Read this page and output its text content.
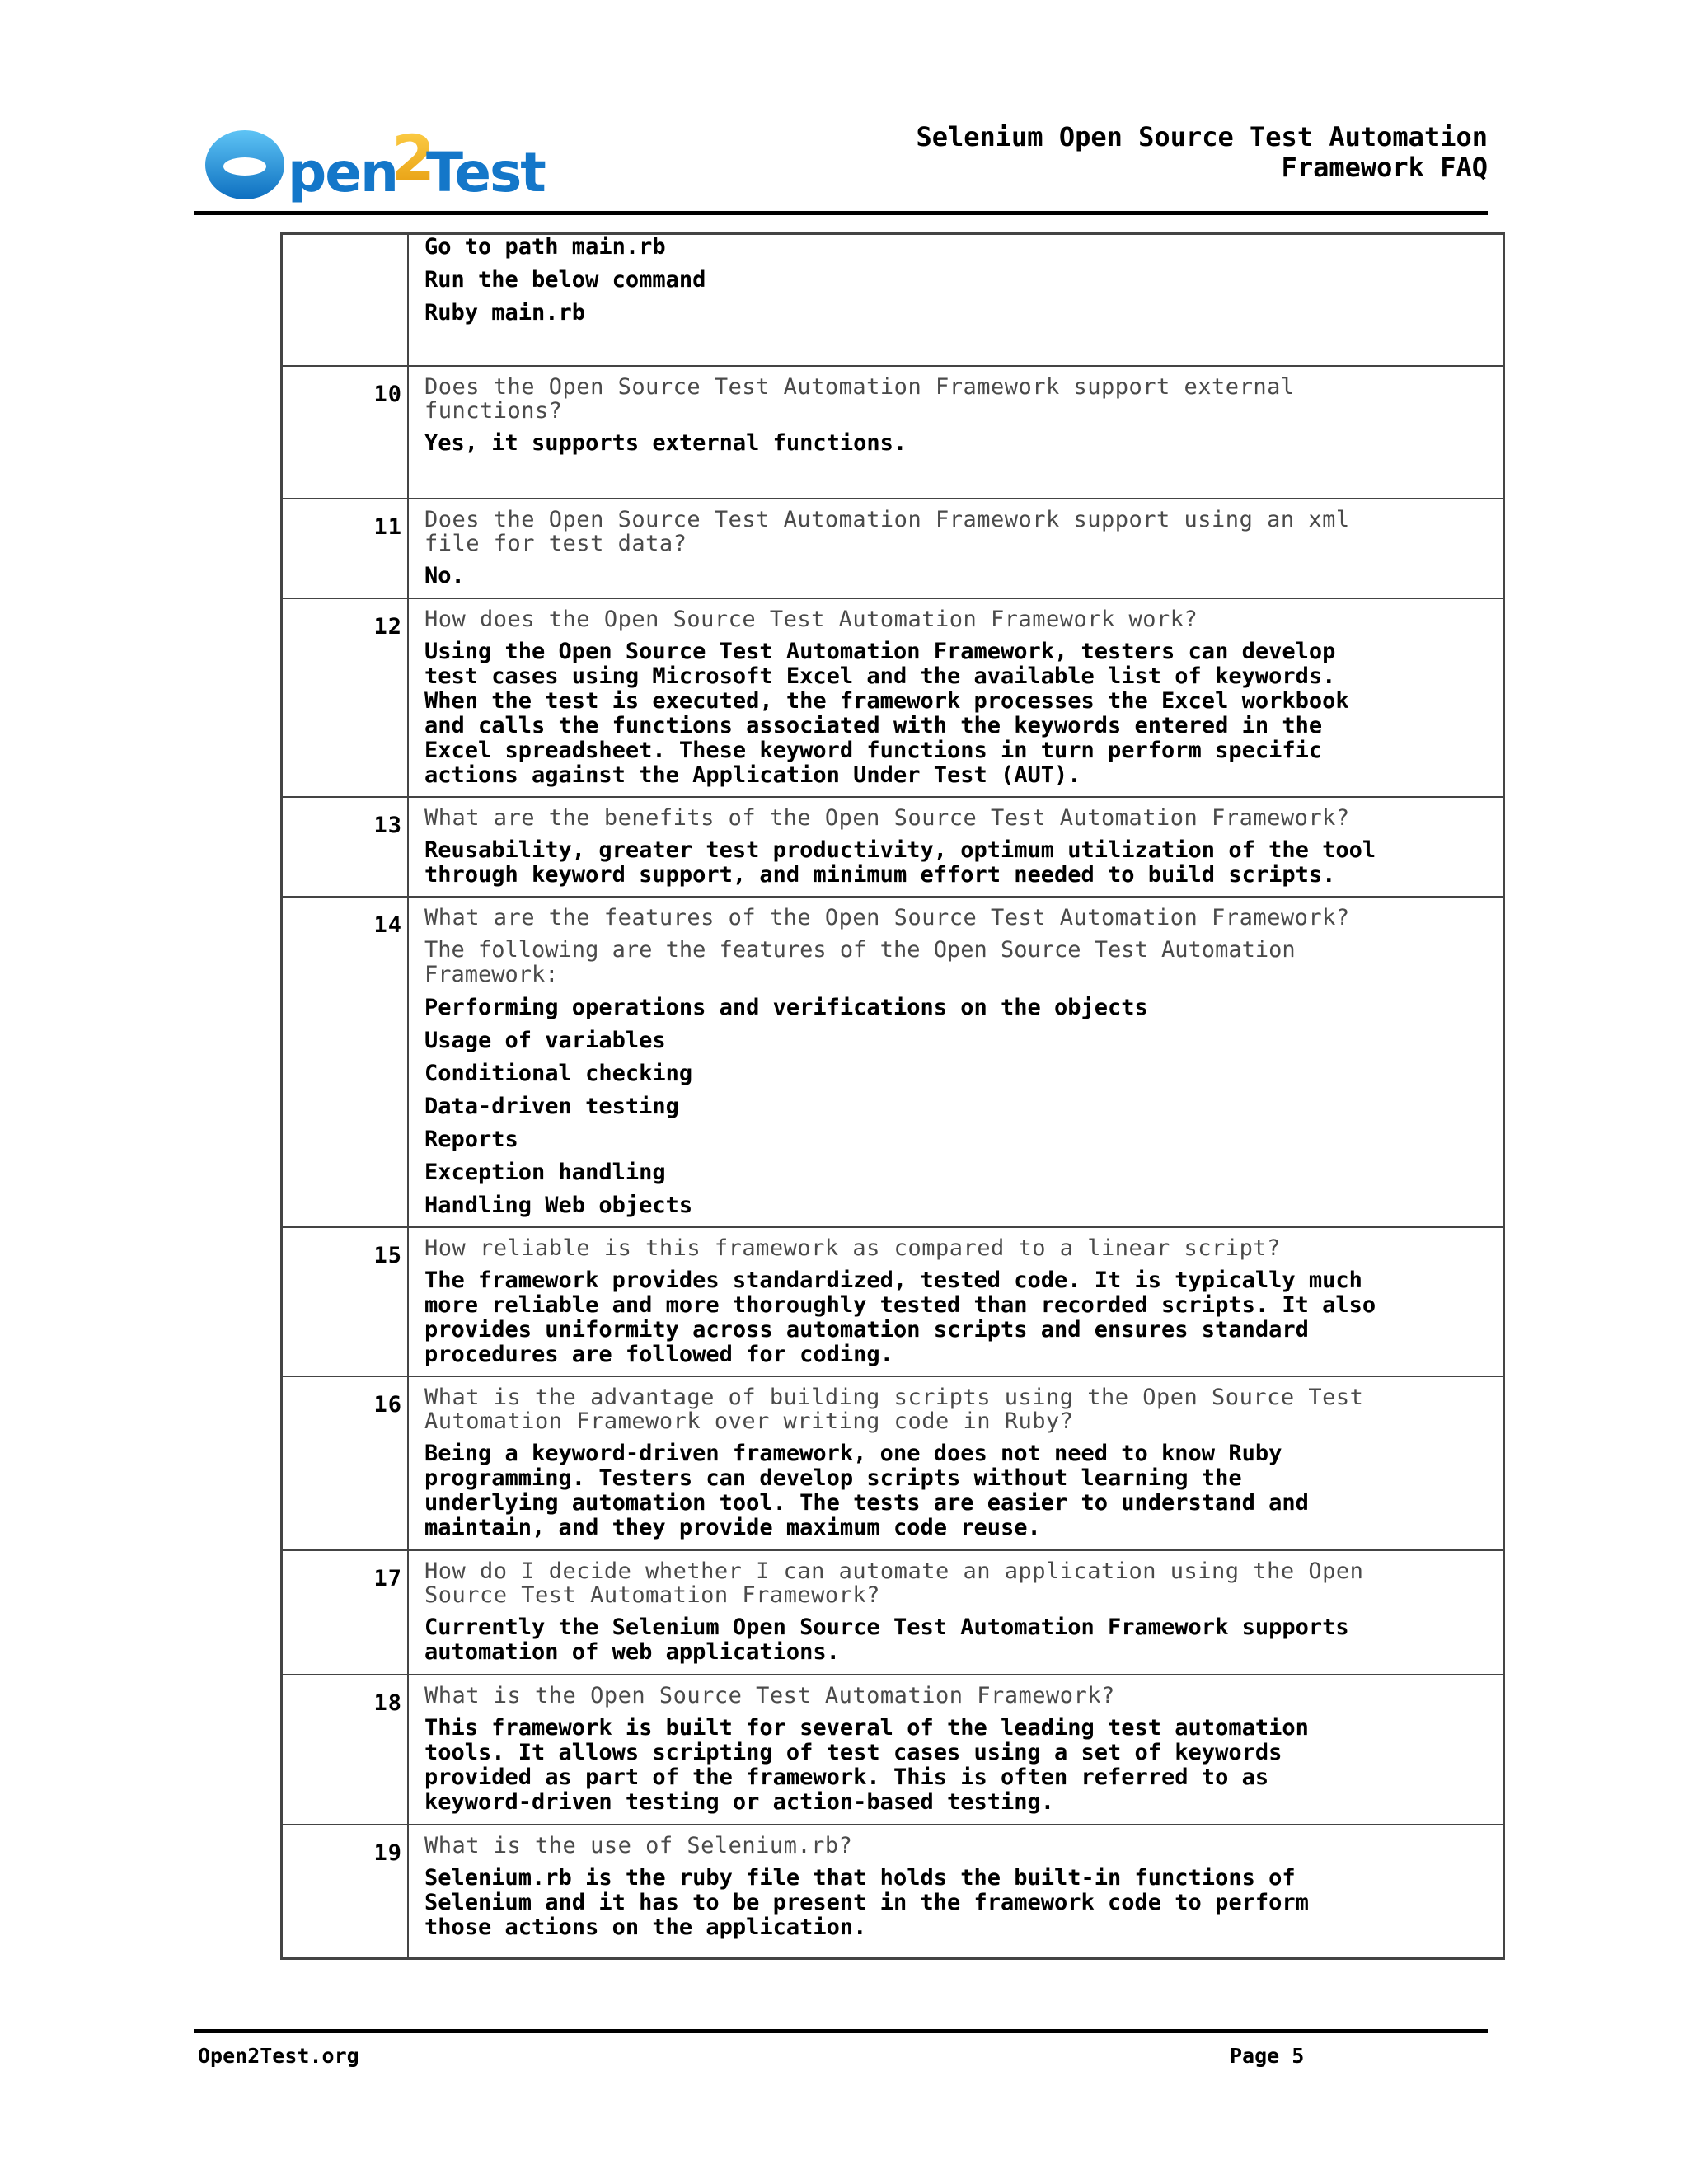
pen
2
Test
Selenium Open Source Test Automation
Framework FAQ

Go to path main.rb

Run the below command

Ruby main.rb

10 Does the Open Source Test Automation Framework support external
functions?

Yes, it supports external functions.

11 Does the Open Source Test Automation Framework support using an xml
file for test data?

No.

12 How does the Open Source Test Automation Framework work?

Using the Open Source Test Automation Framework, testers can develop
test cases using Microsoft Excel and the available list of keywords.
When the test is executed, the framework processes the Excel workbook
and calls the functions associated with the keywords entered in the
Excel spreadsheet. These keyword functions in turn perform specific
actions against the Application Under Test (AUT).

13 What are the benefits of the Open Source Test Automation Framework?

Reusability, greater test productivity, optimum utilization of the tool
through keyword support, and minimum effort needed to build scripts.

14 What are the features of the Open Source Test Automation Framework?

The following are the features of the Open Source Test Automation
Framework:

Performing operations and verifications on the objects

Usage of variables

Conditional checking

Data-driven testing

Reports

Exception handling

Handling Web objects

15 How reliable is this framework as compared to a linear script?

The framework provides standardized, tested code. It is typically much
more reliable and more thoroughly tested than recorded scripts. It also
provides uniformity across automation scripts and ensures standard
procedures are followed for coding.

16 What is the advantage of building scripts using the Open Source Test
Automation Framework over writing code in Ruby?

Being a keyword-driven framework, one does not need to know Ruby
programming. Testers can develop scripts without learning the
underlying automation tool. The tests are easier to understand and
maintain, and they provide maximum code reuse.

17 How do I decide whether I can automate an application using the Open
Source Test Automation Framework?

Currently the Selenium Open Source Test Automation Framework supports
automation of web applications.

18 What is the Open Source Test Automation Framework?

This framework is built for several of the leading test automation
tools. It allows scripting of test cases using a set of keywords
provided as part of the framework. This is often referred to as
keyword-driven testing or action-based testing.

19 What is the use of Selenium.rb?

Selenium.rb is the ruby file that holds the built-in functions of
Selenium and it has to be present in the framework code to perform
those actions on the application.

Open2Test.org	Page 5
